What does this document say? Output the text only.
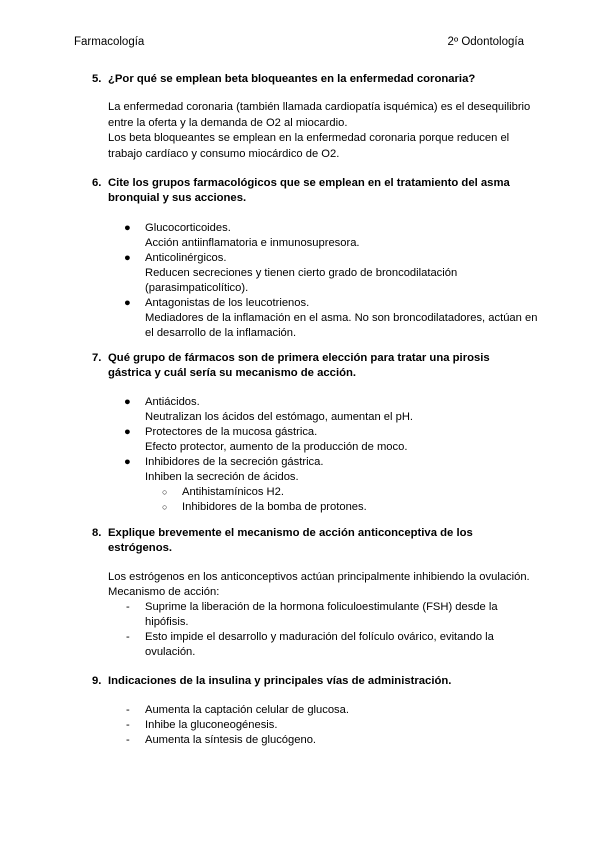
Farmacología	2º Odontología
5. ¿Por qué se emplean beta bloqueantes en la enfermedad coronaria?
La enfermedad coronaria (también llamada cardiopatía isquémica) es el desequilibrio entre la oferta y la demanda de O2 al miocardio.
Los beta bloqueantes se emplean en la enfermedad coronaria porque reducen el trabajo cardíaco y consumo miocárdico de O2.
6. Cite los grupos farmacológicos que se emplean en el tratamiento del asma bronquial y sus acciones.
● Glucocorticoides.
Acción antiinflamatoria e inmunosupresora.
● Anticolinérgicos.
Reducen secreciones y tienen cierto grado de broncodilatación (parasimpaticolítico).
● Antagonistas de los leucotrienos.
Mediadores de la inflamación en el asma. No son broncodilatadores, actúan en el desarrollo de la inflamación.
7. Qué grupo de fármacos son de primera elección para tratar una pirosis gástrica y cuál sería su mecanismo de acción.
● Antiácidos.
Neutralizan los ácidos del estómago, aumentan el pH.
● Protectores de la mucosa gástrica.
Efecto protector, aumento de la producción de moco.
● Inhibidores de la secreción gástrica.
Inhiben la secreción de ácidos.
○ Antihistamínicos H2.
○ Inhibidores de la bomba de protones.
8. Explique brevemente el mecanismo de acción anticonceptiva de los estrógenos.
Los estrógenos en los anticonceptivos actúan principalmente inhibiendo la ovulación.
Mecanismo de acción:
- Suprime la liberación de la hormona foliculoestimulante (FSH) desde la hipófisis.
- Esto impide el desarrollo y maduración del folículo ovárico, evitando la ovulación.
9. Indicaciones de la insulina y principales vías de administración.
- Aumenta la captación celular de glucosa.
- Inhibe la gluconeogénesis.
- Aumenta la síntesis de glucógeno.
